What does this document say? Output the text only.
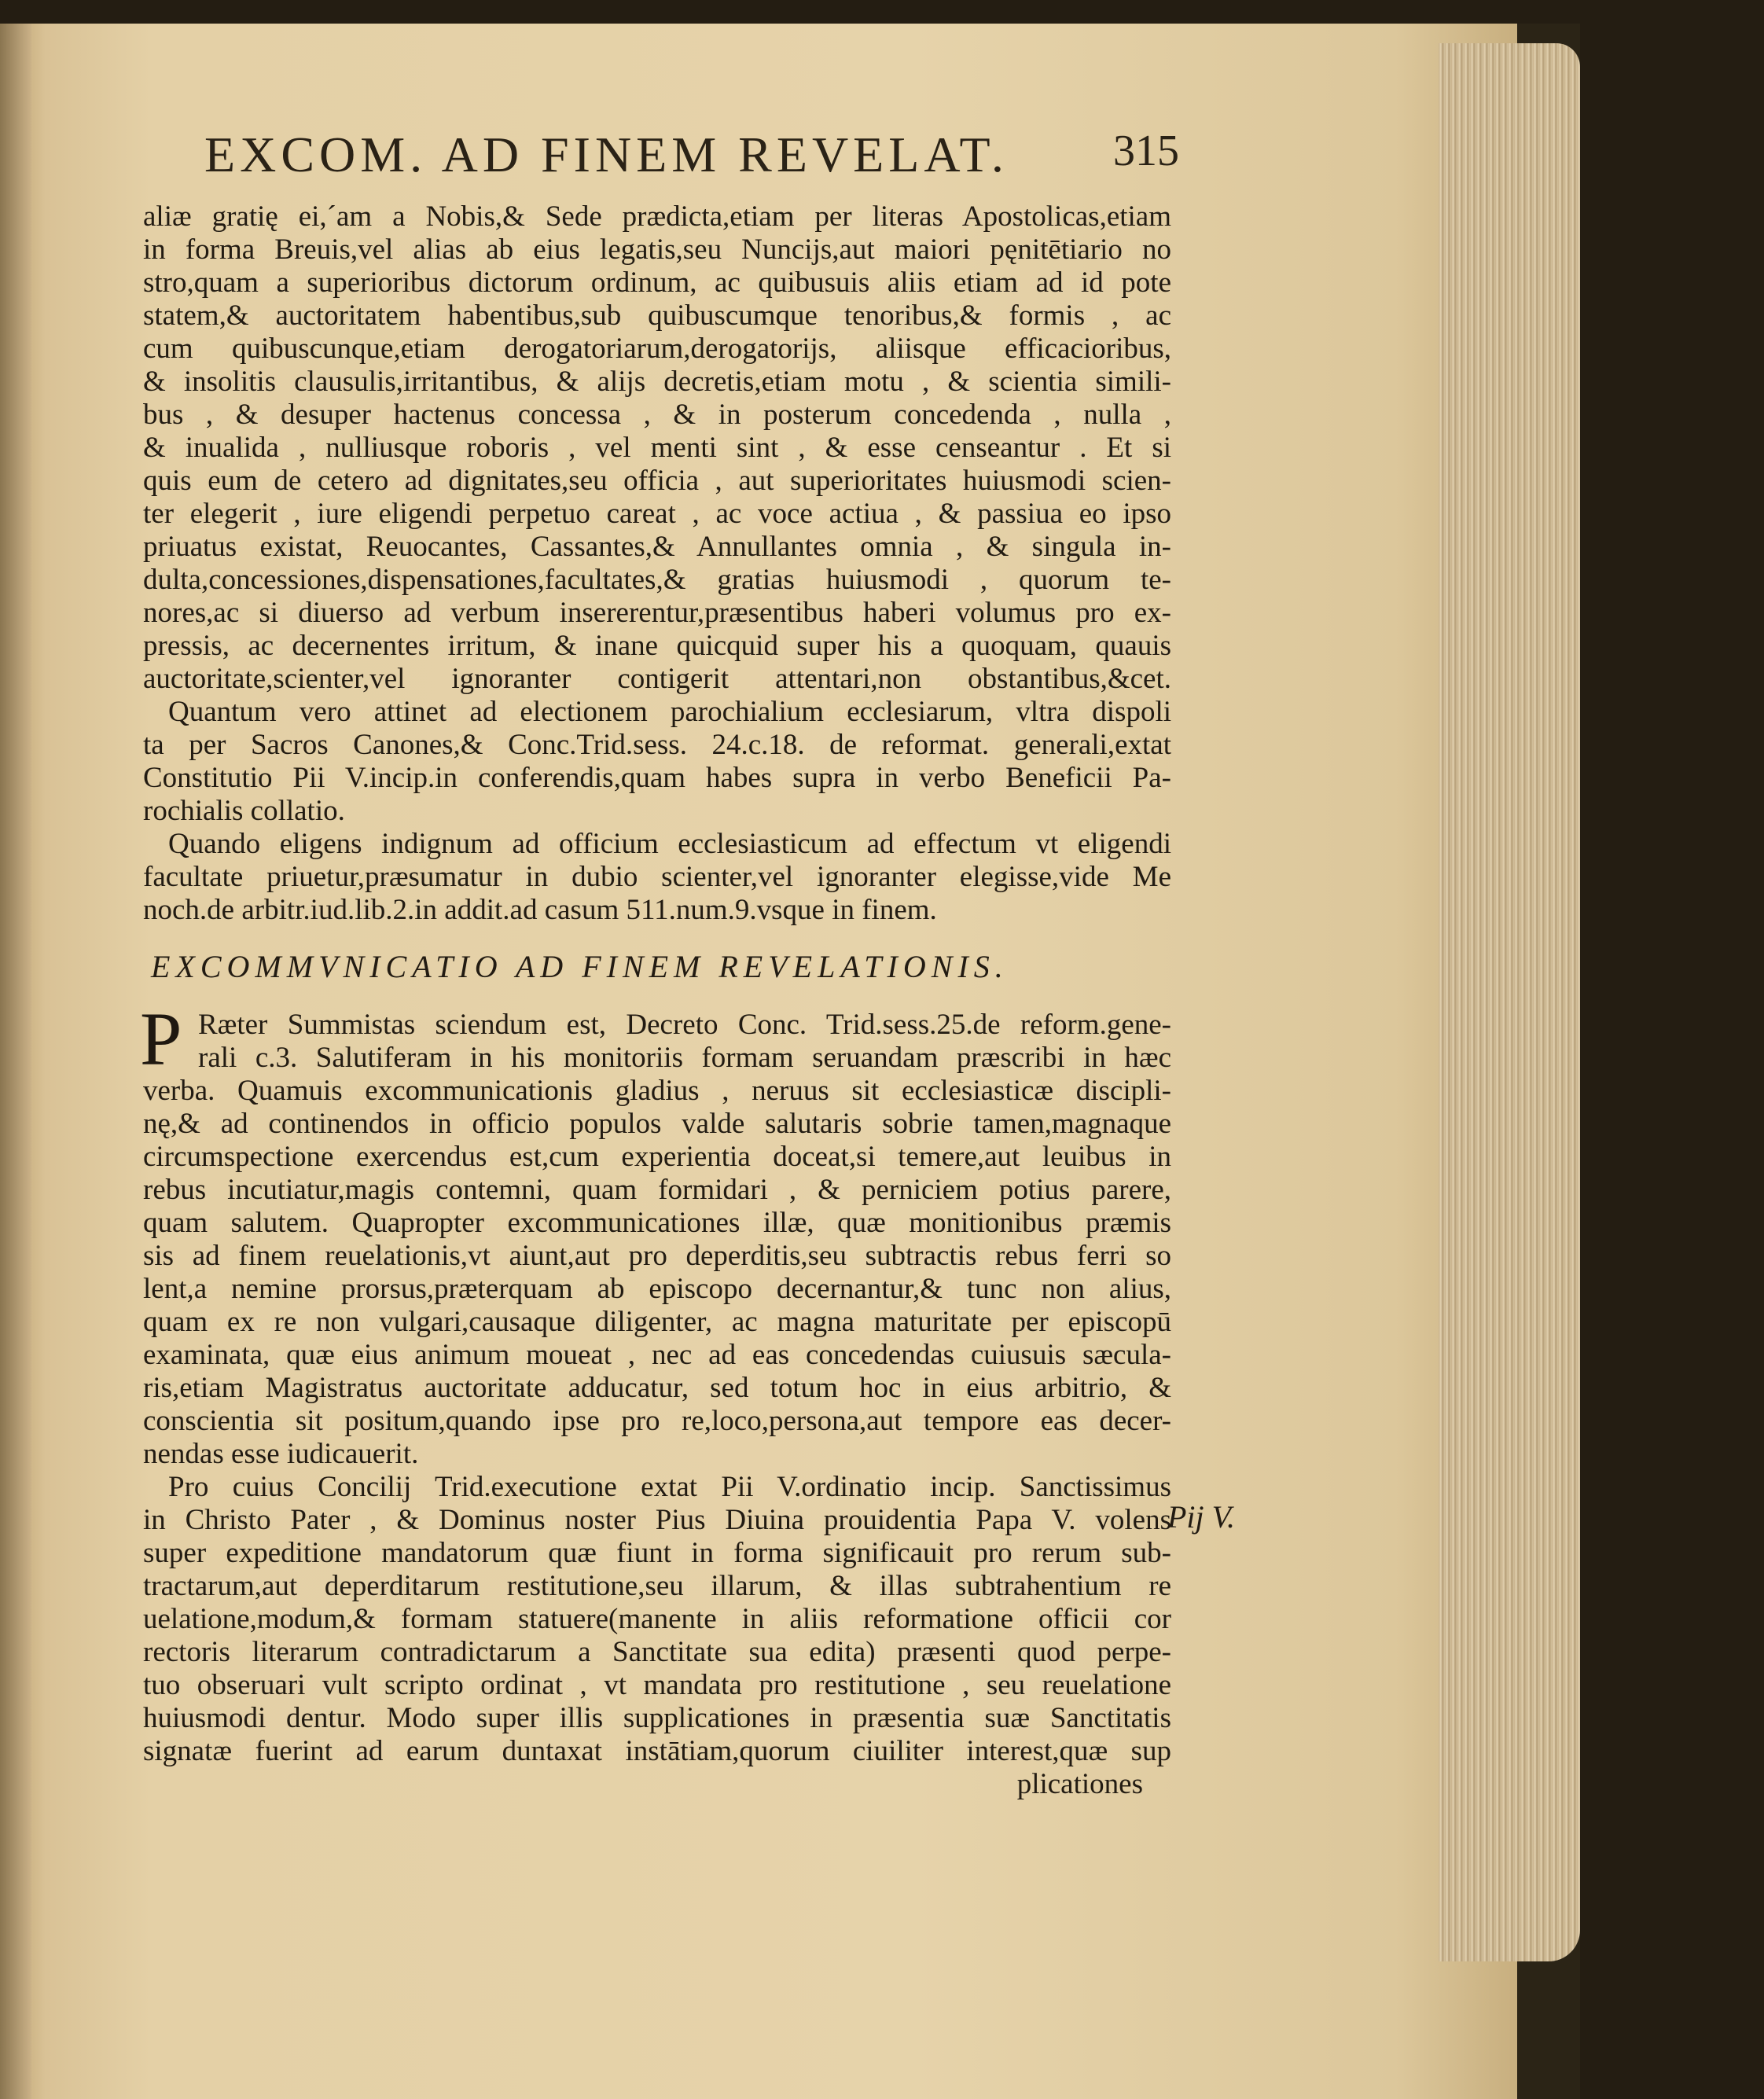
EXCOM. AD FINEM REVELAT. 315
aliæ gratię ei,´am a Nobis,& Sede prædicta,etiam per literas Apostolicas,etiam
in forma Breuis,vel alias ab eius legatis,seu Nuncijs,aut maiori pęnitētiario no
stro,quam a superioribus dictorum ordinum, ac quibusuis aliis etiam ad id pote
statem,& auctoritatem habentibus,sub quibuscumque tenoribus,& formis , ac
cum quibuscunque,etiam derogatoriarum,derogatorijs, aliisque efficacioribus,
& insolitis clausulis,irritantibus, & alijs decretis,etiam motu , & scientia simili-
bus , & desuper hactenus concessa , & in posterum concedenda , nulla ,
& inualida , nulliusque roboris , vel menti sint , & esse censeantur . Et si
quis eum de cetero ad dignitates,seu officia , aut superioritates huiusmodi scien-
ter elegerit , iure eligendi perpetuo careat , ac voce actiua , & passiua eo ipso
priuatus existat, Reuocantes, Cassantes,& Annullantes omnia , & singula in-
dulta,concessiones,dispensationes,facultates,& gratias huiusmodi , quorum te-
nores,ac si diuerso ad verbum insererentur,præsentibus haberi volumus pro ex-
pressis, ac decernentes irritum, & inane quicquid super his a quoquam, quauis
auctoritate,scienter,vel ignoranter contigerit attentari,non obstantibus,&cet.
Quantum vero attinet ad electionem parochialium ecclesiarum, vltra dispoli
ta per Sacros Canones,& Conc.Trid.sess. 24.c.18. de reformat. generali,extat
Constitutio Pii V.incip.in conferendis,quam habes supra in verbo Beneficii Pa-
rochialis collatio.
Quando eligens indignum ad officium ecclesiasticum ad effectum vt eligendi
facultate priuetur,præsumatur in dubio scienter,vel ignoranter elegisse,vide Me
noch.de arbitr.iud.lib.2.in addit.ad casum 511.num.9.vsque in finem.
EXCOMMVNICATIO AD FINEM REVELATIONIS.
P Ræter Summistas sciendum est, Decreto Conc. Trid.sess.25.de reform.gene-
rali c.3. Salutiferam in his monitoriis formam seruandam præscribi in hæc
verba. Quamuis excommunicationis gladius , neruus sit ecclesiasticæ discipli-
nę,& ad continendos in officio populos valde salutaris sobrie tamen,magnaque
circumspectione exercendus est,cum experientia doceat,si temere,aut leuibus in
rebus incutiatur,magis contemni, quam formidari , & perniciem potius parere,
quam salutem. Quapropter excommunicationes illæ, quæ monitionibus præmis
sis ad finem reuelationis,vt aiunt,aut pro deperditis,seu subtractis rebus ferri so
lent,a nemine prorsus,præterquam ab episcopo decernantur,& tunc non alius,
quam ex re non vulgari,causaque diligenter, ac magna maturitate per episcopū
examinata, quæ eius animum moueat , nec ad eas concedendas cuiusuis sæcula-
ris,etiam Magistratus auctoritate adducatur, sed totum hoc in eius arbitrio, &
conscientia sit positum,quando ipse pro re,loco,persona,aut tempore eas decer-
nendas esse iudicauerit.
Pro cuius Concilij Trid.executione extat Pii V.ordinatio incip. Sanctissimus
in Christo Pater , & Dominus noster Pius Diuina prouidentia Papa V. volens
super expeditione mandatorum quæ fiunt in forma significauit pro rerum sub-
tractarum,aut deperditarum restitutione,seu illarum, & illas subtrahentium re
uelatione,modum,& formam statuere(manente in aliis reformatione officii cor
rectoris literarum contradictarum a Sanctitate sua edita) præsenti quod perpe-
tuo obseruari vult scripto ordinat , vt mandata pro restitutione , seu reuelatione
huiusmodi dentur. Modo super illis supplicationes in præsentia suæ Sanctitatis
signatæ fuerint ad earum duntaxat instātiam,quorum ciuiliter interest,quæ sup
plicationes
Pij V.
